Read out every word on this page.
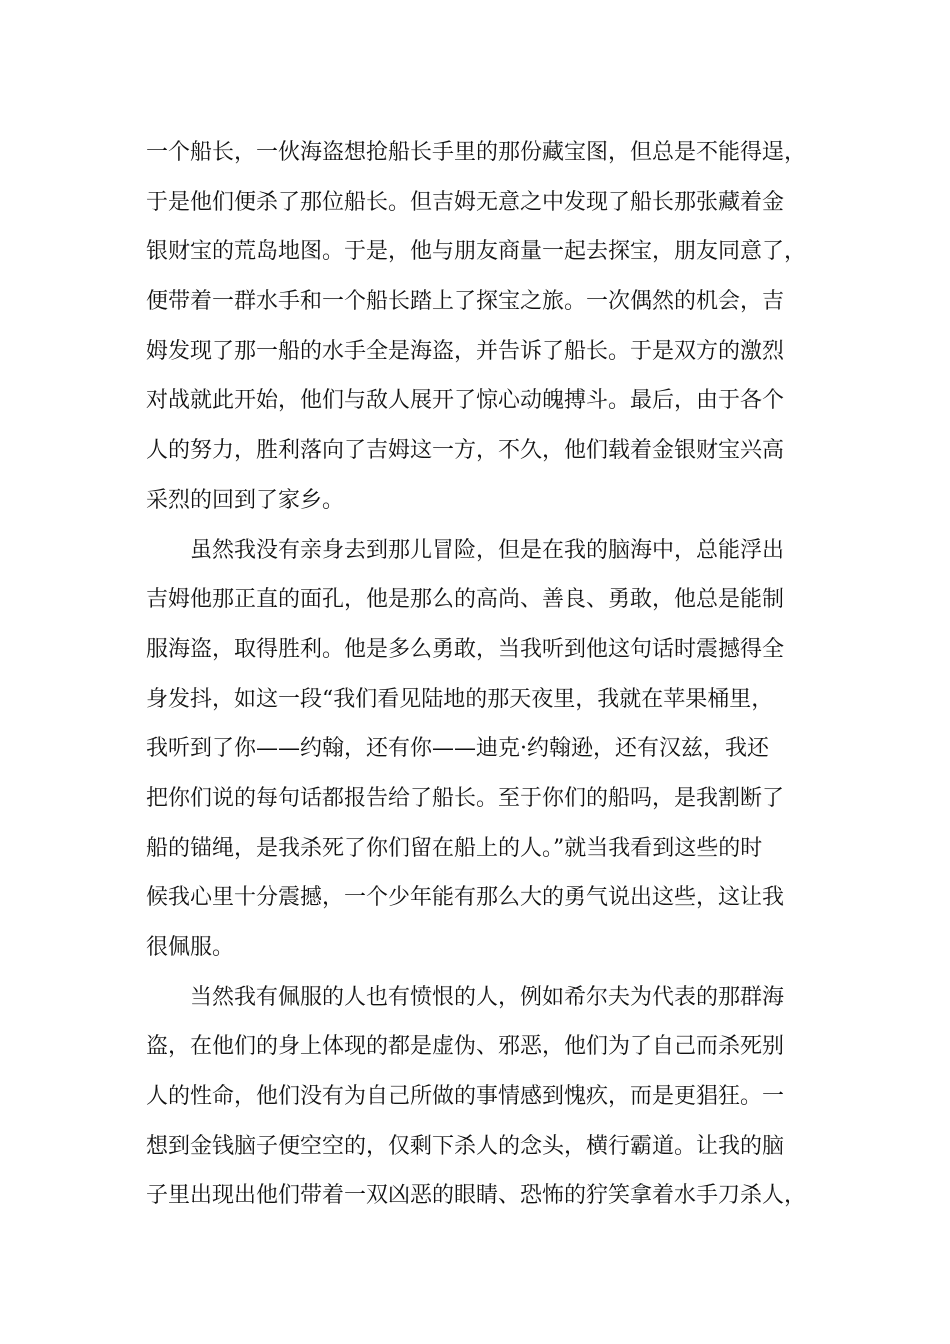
一个船长，一伙海盗想抢船长手里的那份藏宝图，但总是不能得逞，
于是他们便杀了那位船长。但吉姆无意之中发现了船长那张藏着金
银财宝的荒岛地图。于是，他与朋友商量一起去探宝，朋友同意了，
便带着一群水手和一个船长踏上了探宝之旅。一次偶然的机会，吉
姆发现了那一船的水手全是海盗，并告诉了船长。于是双方的激烈
对战就此开始，他们与敌人展开了惊心动魄搏斗。最后，由于各个
人的努力，胜利落向了吉姆这一方，不久，他们载着金银财宝兴高
采烈的回到了家乡。
虽然我没有亲身去到那儿冒险，但是在我的脑海中，总能浮出
吉姆他那正直的面孔，他是那么的高尚、善良、勇敢，他总是能制
服海盗，取得胜利。他是多么勇敢，当我听到他这句话时震撼得全
身发抖，如这一段“我们看见陆地的那天夜里，我就在苹果桶里，
我听到了你——约翰，还有你——迪克·约翰逊，还有汉兹，我还
把你们说的每句话都报告给了船长。至于你们的船吗，是我割断了
船的锚绳，是我杀死了你们留在船上的人。”就当我看到这些的时
候我心里十分震撼，一个少年能有那么大的勇气说出这些，这让我
很佩服。
当然我有佩服的人也有愤恨的人，例如希尔夫为代表的那群海
盗，在他们的身上体现的都是虚伪、邪恶，他们为了自己而杀死别
人的性命，他们没有为自己所做的事情感到愧疚，而是更猖狂。一
想到金钱脑子便空空的，仅剩下杀人的念头，横行霸道。让我的脑
子里出现出他们带着一双凶恶的眼睛、恐怖的狞笑拿着水手刀杀人，
